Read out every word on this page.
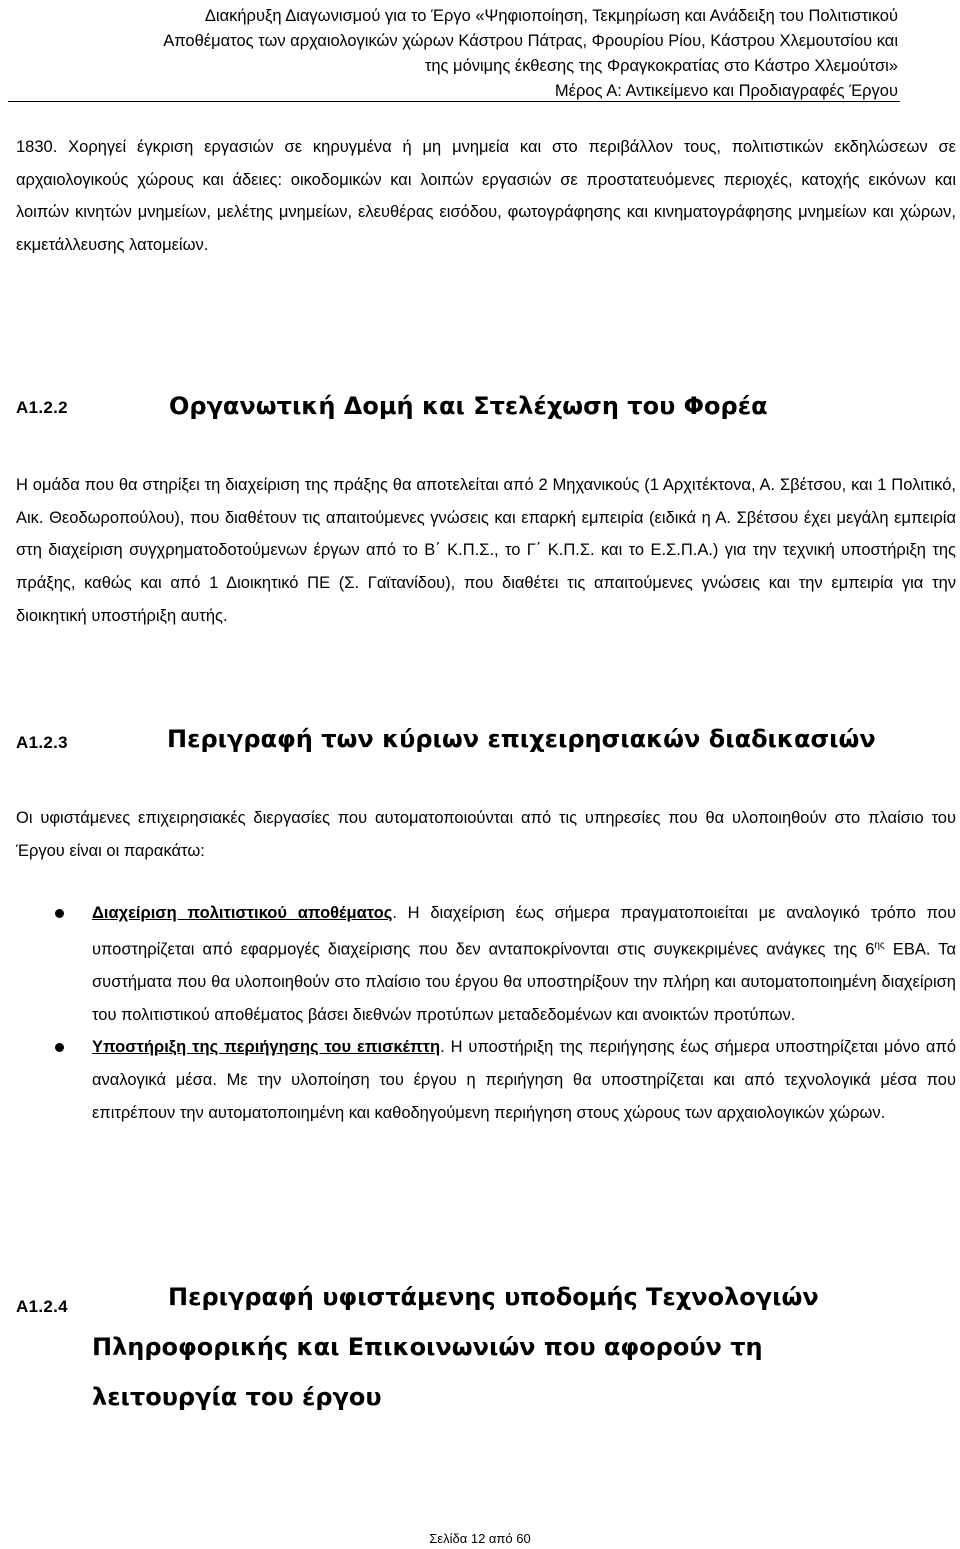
Διακήρυξη Διαγωνισμού για το Έργο «Ψηφιοποίηση, Τεκμηρίωση και Ανάδειξη του Πολιτιστικού
Αποθέματος των αρχαιολογικών χώρων Κάστρου Πάτρας, Φρουρίου Ρίου, Κάστρου Χλεμουτσίου και
της μόνιμης έκθεσης της Φραγκοκρατίας στο Κάστρο Χλεμούτσι»
Μέρος Α: Αντικείμενο και Προδιαγραφές Έργου

1830. Χορηγεί έγκριση εργασιών σε κηρυγμένα ή μη μνημεία και στο περιβάλλον τους, πολιτιστικών εκδηλώσεων σε αρχαιολογικούς χώρους και άδειες: οικοδομικών και λοιπών εργασιών σε προστατευόμενες περιοχές, κατοχής εικόνων και λοιπών κινητών μνημείων, μελέτης μνημείων, ελευθέρας εισόδου, φωτογράφησης και κινηματογράφησης μνημείων και χώρων, εκμετάλλευσης λατομείων.

Α1.2.2	Οργανωτική Δομή και Στελέχωση του Φορέα

Η ομάδα που θα στηρίξει τη διαχείριση της πράξης θα αποτελείται από 2 Μηχανικούς (1 Αρχιτέκτονα, Α. Σβέτσου, και 1 Πολιτικό, Αικ. Θεοδωροπούλου), που διαθέτουν τις απαιτούμενες γνώσεις και επαρκή εμπειρία (ειδικά η Α. Σβέτσου έχει μεγάλη εμπειρία στη διαχείριση συγχρηματοδοτούμενων έργων από το Β΄ Κ.Π.Σ., το Γ΄ Κ.Π.Σ. και το Ε.Σ.Π.Α.) για την τεχνική υποστήριξη της πράξης, καθώς και από 1 Διοικητικό ΠΕ (Σ. Γαϊτανίδου), που διαθέτει τις απαιτούμενες γνώσεις και την εμπειρία για την διοικητική υποστήριξη αυτής.

Α1.2.3	Περιγραφή των κύριων επιχειρησιακών διαδικασιών

Οι υφιστάμενες επιχειρησιακές διεργασίες που αυτοματοποιούνται από τις υπηρεσίες που θα υλοποιηθούν στο πλαίσιο του Έργου είναι οι παρακάτω:

Διαχείριση πολιτιστικού αποθέματος. Η διαχείριση έως σήμερα πραγματοποιείται με αναλογικό τρόπο που υποστηρίζεται από εφαρμογές διαχείρισης που δεν ανταποκρίνονται στις συγκεκριμένες ανάγκες της $6^{\eta\varsigma}$ ΕΒΑ. Τα συστήματα που θα υλοποιηθούν στο πλαίσιο του έργου θα υποστηρίξουν την πλήρη και αυτοματοποιημένη διαχείριση του πολιτιστικού αποθέματος βάσει διεθνών προτύπων μεταδεδομένων και ανοικτών προτύπων.
Υποστήριξη της περιήγησης του επισκέπτη. Η υποστήριξη της περιήγησης έως σήμερα υποστηρίζεται μόνο από αναλογικά μέσα. Με την υλοποίηση του έργου η περιήγηση θα υποστηρίζεται και από τεχνολογικά μέσα που επιτρέπουν την αυτοματοποιημένη και καθοδηγούμενη περιήγηση στους χώρους των αρχαιολογικών χώρων.
Α1.2.4	Περιγραφή υφιστάμενης υποδομής Τεχνολογιών
Πληροφορικής και Επικοινωνιών που αφορούν τη
λειτουργία του έργου
Σελίδα 12 από 60
